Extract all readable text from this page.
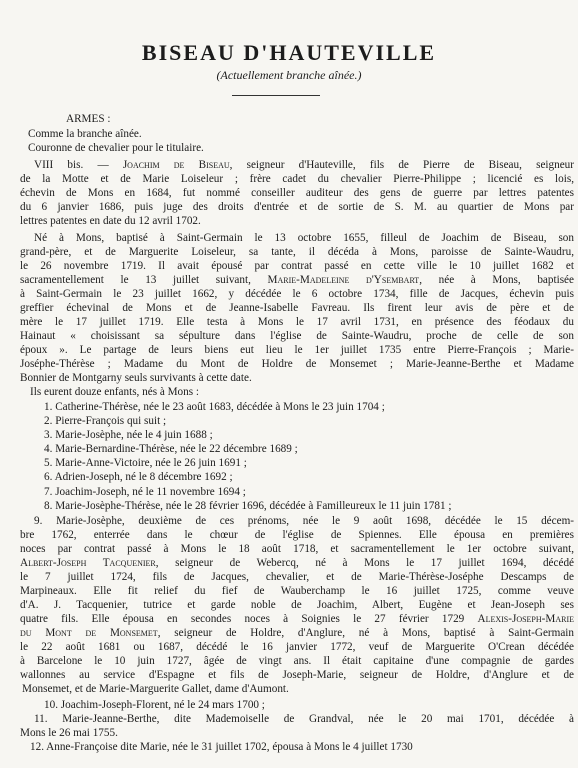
BISEAU D'HAUTEVILLE
(Actuellement branche aînée.)
ARMES :
Comme la branche aînée.
Couronne de chevalier pour le titulaire.
VIII bis. — Joachim de Biseau, seigneur d'Hauteville, fils de Pierre de Biseau, seigneur
de la Motte et de Marie Loiseleur ; frère cadet du chevalier Pierre-Philippe ; licencié es lois,
échevin de Mons en 1684, fut nommé conseiller auditeur des gens de guerre par lettres patentes
du 6 janvier 1686, puis juge des droits d'entrée et de sortie de S. M. au quartier de Mons par
lettres patentes en date du 12 avril 1702.
Né à Mons, baptisé à Saint-Germain le 13 octobre 1655, filleul de Joachim de Biseau, son
grand-père, et de Marguerite Loiseleur, sa tante, il décéda à Mons, paroisse de Sainte-Waudru,
le 26 novembre 1719. Il avait épousé par contrat passé en cette ville le 10 juillet 1682 et
sacramentellement le 13 juillet suivant, Marie-Madeleine d'Ysembart, née à Mons, baptisée
à Saint-Germain le 23 juillet 1662, y décédée le 6 octobre 1734, fille de Jacques, échevin puis
greffier échevinal de Mons et de Jeanne-Isabelle Favreau. Ils firent leur avis de père et de
mère le 17 juillet 1719. Elle testa à Mons le 17 avril 1731, en présence des féodaux du
Hainaut « choisissant sa sépulture dans l'église de Sainte-Waudru, proche de celle de son
époux ». Le partage de leurs biens eut lieu le 1er juillet 1735 entre Pierre-François ; Marie-
Joséphe-Thérèse ; Madame du Mont de Holdre de Monsemet ; Marie-Jeanne-Berthe et Madame
Bonnier de Montgarny seuls survivants à cette date.
Ils eurent douze enfants, nés à Mons :
1. Catherine-Thérèse, née le 23 août 1683, décédée à Mons le 23 juin 1704 ;
2. Pierre-François qui suit ;
3. Marie-Josèphe, née le 4 juin 1688 ;
4. Marie-Bernardine-Thérèse, née le 22 décembre 1689 ;
5. Marie-Anne-Victoire, née le 26 juin 1691 ;
6. Adrien-Joseph, né le 8 décembre 1692 ;
7. Joachim-Joseph, né le 11 novembre 1694 ;
8. Marie-Josèphe-Thérèse, née le 28 février 1696, décédée à Familleureux le 11 juin 1781 ;
9. Marie-Josèphe, deuxième de ces prénoms, née le 9 août 1698, décédée le 15 décem-
bre 1762, enterrée dans le chœur de l'église de Spiennes. Elle épousa en premières
noces par contrat passé à Mons le 18 août 1718, et sacramentellement le 1er octobre suivant,
Albert-Joseph Tacquenier, seigneur de Webercq, né à Mons le 17 juillet 1694, décédé
le 7 juillet 1724, fils de Jacques, chevalier, et de Marie-Thérèse-Joséphe Descamps de
Marpineaux. Elle fit relief du fief de Wauberchamp le 16 juillet 1725, comme veuve
d'A. J. Tacquenier, tutrice et garde noble de Joachim, Albert, Eugène et Jean-Joseph ses
quatre fils. Elle épousa en secondes noces à Soignies le 27 février 1729 Alexis-Joseph-Marie
du Mont de Monsemet, seigneur de Holdre, d'Anglure, né à Mons, baptisé à Saint-Germain
le 22 août 1681 ou 1687, décédé le 16 janvier 1772, veuf de Marguerite O'Crean décédée
à Barcelone le 10 juin 1727, âgée de vingt ans. Il était capitaine d'une compagnie de gardes
wallonnes au service d'Espagne et fils de Joseph-Marie, seigneur de Holdre, d'Anglure et de
Monsemet, et de Marie-Marguerite Gallet, dame d'Aumont.
10. Joachim-Joseph-Florent, né le 24 mars 1700 ;
11. Marie-Jeanne-Berthe, dite Mademoiselle de Grandval, née le 20 mai 1701, décédée à
Mons le 26 mai 1755.
12. Anne-Françoise dite Marie, née le 31 juillet 1702, épousa à Mons le 4 juillet 1730
